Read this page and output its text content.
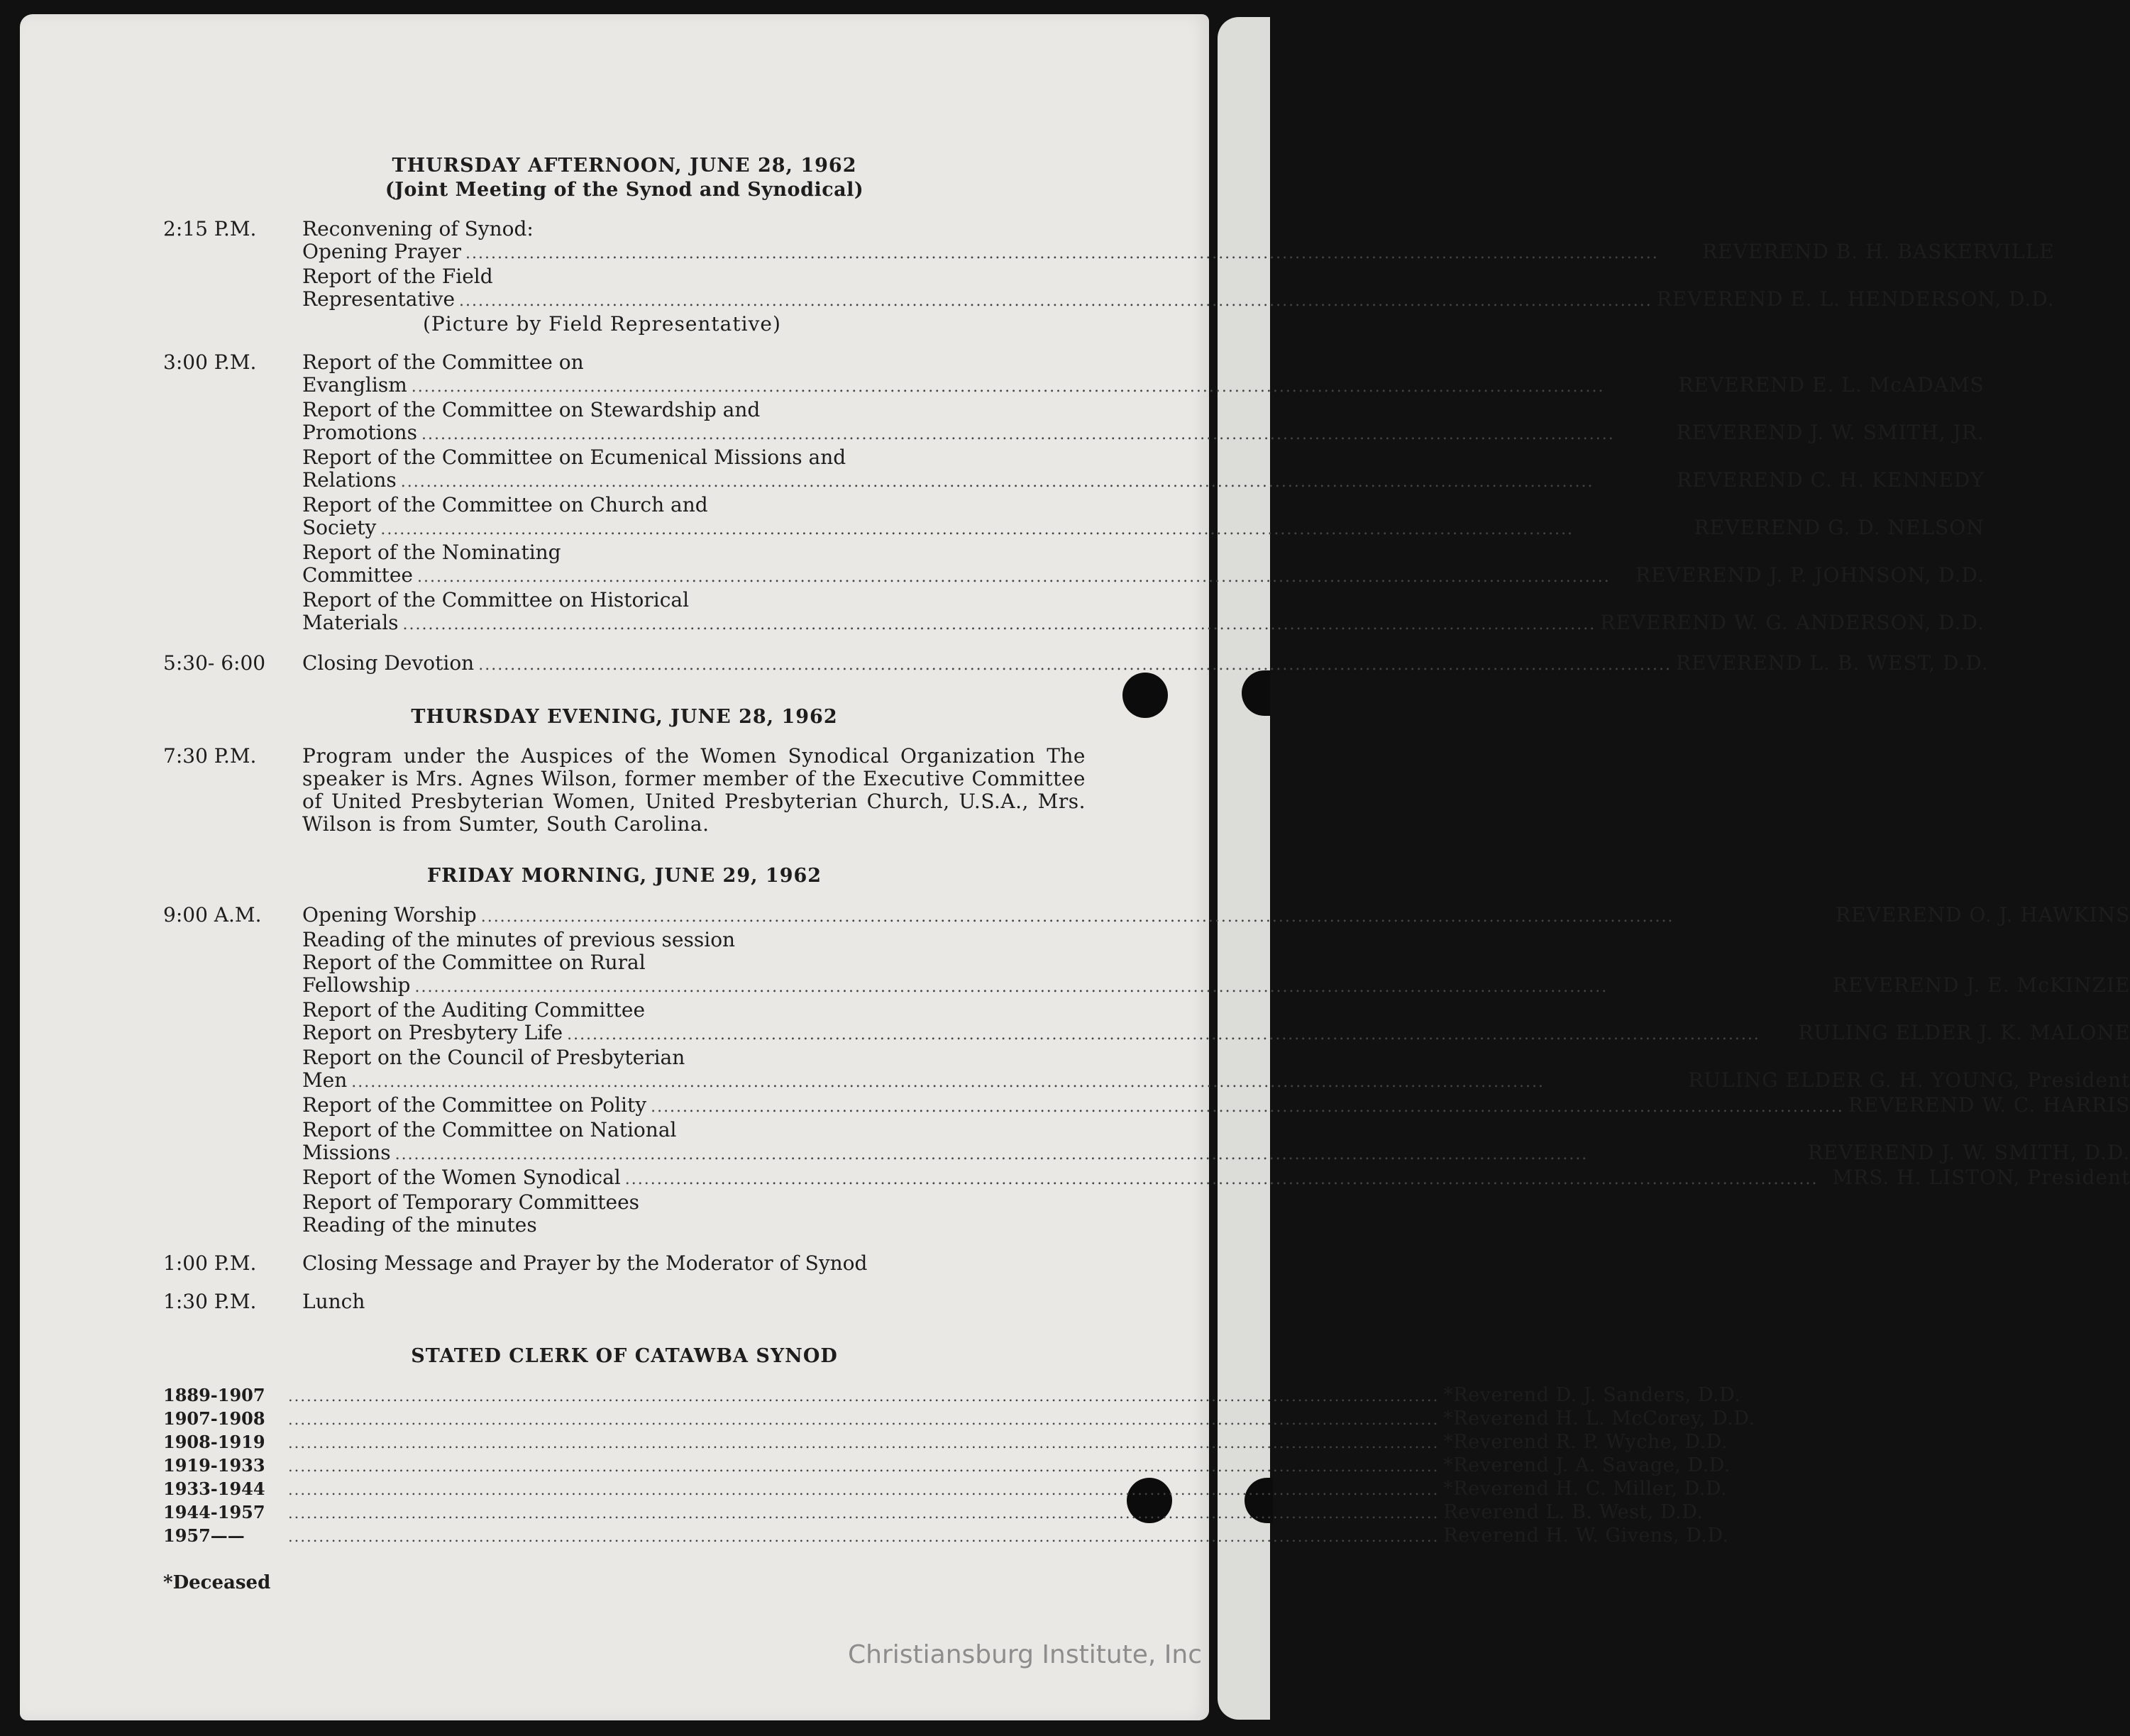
THURSDAY AFTERNOON, JUNE 28, 1962

(Joint Meeting of the Synod and Synodical)

2:15 P.M.	Reconvening of Synod:
Opening Prayer .....	REVEREND B. H. BASKERVILLE
Report of the Field
Representative .....	REVEREND E. L. HENDERSON, D.D.
(Picture by Field Representative)
3:00 P.M.	Report of the Committee on
Evanglism .....	REVEREND E. L. McADAMS
Report of the Committee on Stewardship and
Promotions .....	REVEREND J. W. SMITH, JR.
Report of the Committee on Ecumenical Missions and
Relations .....	REVEREND C. H. KENNEDY
Report of the Committee on Church and
Society .....	REVEREND G. D. NELSON
Report of the Nominating
Committee .....	REVEREND J. P. JOHNSON, D.D.
Report of the Committee on Historical
Materials .....	REVEREND W. G. ANDERSON, D.D.
5:30- 6:00	Closing Devotion .....	REVEREND L. B. WEST, D.D.

THURSDAY EVENING, JUNE 28, 1962

7:30 P.M.	Program under the Auspices of the Women Synodical Organization The speaker is Mrs. Agnes Wilson, former member of the Executive Committee of United Presbyterian Women, United Presbyterian Church, U.S.A., Mrs. Wilson is from Sumter, South Carolina.

FRIDAY MORNING, JUNE 29, 1962

9:00 A.M.	Opening Worship .....	REVEREND O. J. HAWKINS
Reading of the minutes of previous session
Report of the Committee on Rural
Fellowship .....	REVEREND J. E. McKINZIE
Report of the Auditing Committee
Report on Presbytery Life .....	RULING ELDER J. K. MALONE
Report on the Council of Presbyterian
Men .....	RULING ELDER G. H. YOUNG, President
Report of the Committee on Polity .....	REVEREND W. C. HARRIS
Report of the Committee on National
Missions .....	REVEREND J. W. SMITH, D.D.
Report of the Women Synodical .....	MRS. H. LISTON, President
Report of Temporary Committees
Reading of the minutes
1:00 P.M.	Closing Message and Prayer by the Moderator of Synod
1:30 P.M.	Lunch

STATED CLERK OF CATAWBA SYNOD

1889-1907 .....	*Reverend D. J. Sanders, D.D.
1907-1908 .....	*Reverend H. L. McCorey, D.D.
1908-1919 .....	*Reverend R. P. Wyche, D.D.
1919-1933 .....	*Reverend J. A. Savage, D.D.
1933-1944 .....	*Reverend H. C. Miller, D.D.
1944-1957 .....	Reverend L. B. West, D.D.
1957—— .....	Reverend H. W. Givens, D.D.
*Deceased
Christiansburg Institute, Inc
